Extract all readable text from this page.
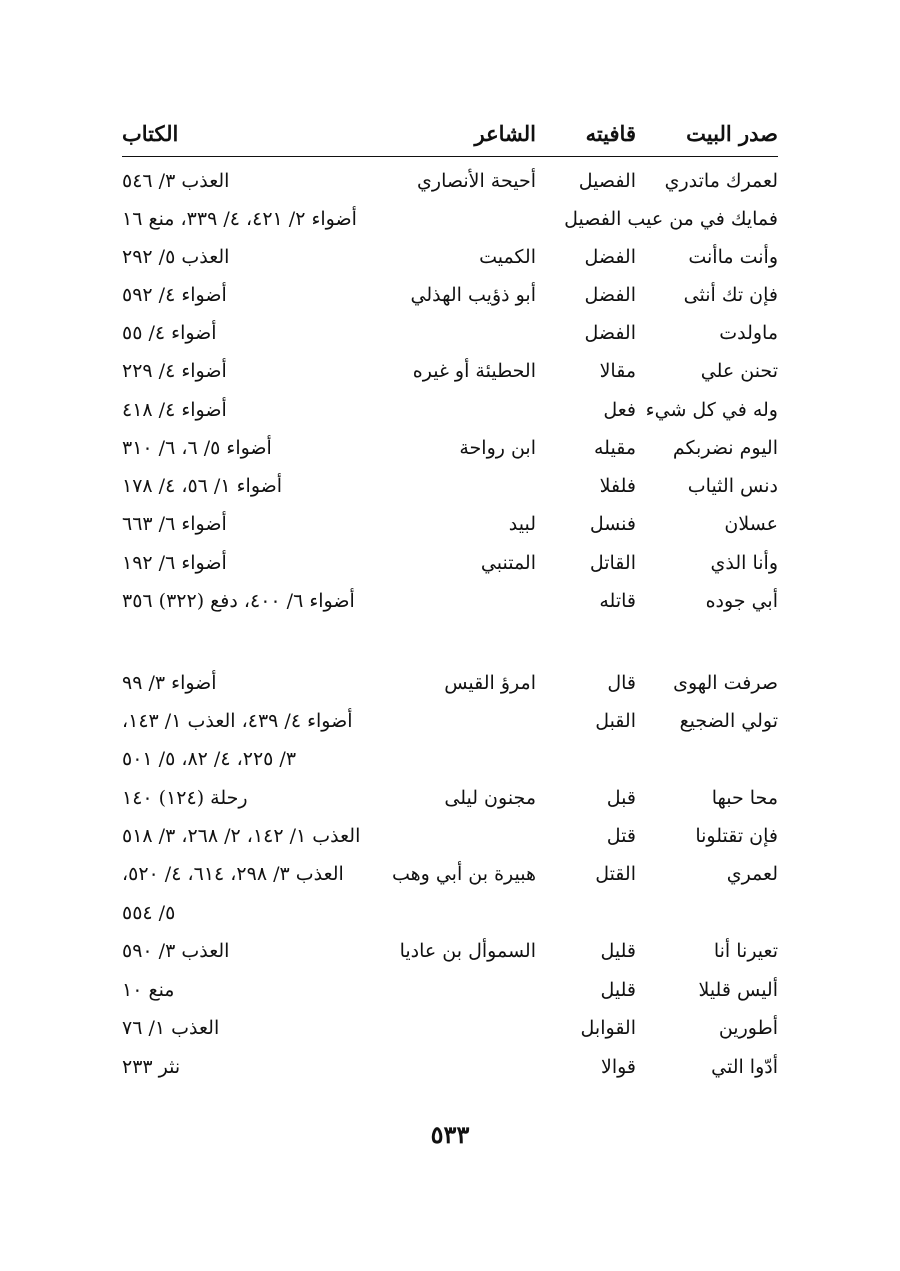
صدر البيت
قافيته
الشاعر
الكتاب
لعمرك ماتدري
الفصيل
أحيحة الأنصاري
العذب ٣/ ٥٤٦
فمايك في من عيب الفصيل
أضواء ٢/ ٤٢١، ٤/ ٣٣٩، منع ١٦
وأنت ماأنت
الفضل
الكميت
العذب ٥/ ٢٩٢
فإن تك أنثى
الفضل
أبو ذؤيب الهذلي
أضواء ٤/ ٥٩٢
ماولدت
الفضل
أضواء ٤/ ٥٥
تحنن علي
مقالا
الحطيئة أو غيره
أضواء ٤/ ٢٢٩
وله في كل شيء
فعل
أضواء ٤/ ٤١٨
اليوم نضربكم
مقيله
ابن رواحة
أضواء ٥/ ٦، ٦/ ٣١٠
دنس الثياب
فلفلا
أضواء ١/ ٥٦، ٤/ ١٧٨
عسلان
فنسل
لبيد
أضواء ٦/ ٦٦٣
وأنا الذي
القاتل
المتنبي
أضواء ٦/ ١٩٢
أبي جوده
قاتله
أضواء ٦/ ٤٠٠، دفع (٣٢٢) ٣٥٦
صرفت الهوى
قال
امرؤ القيس
أضواء ٣/ ٩٩
تولي الضجيع
القبل
أضواء ٤/ ٤٣٩، العذب ١/ ١٤٣،
٣/ ٢٢٥، ٤/ ٨٢، ٥/ ٥٠١
محا حبها
قبل
مجنون ليلى
رحلة (١٢٤) ١٤٠
فإن تقتلونا
قتل
العذب ١/ ١٤٢، ٢/ ٢٦٨، ٣/ ٥١٨
لعمري
القتل
هبيرة بن أبي وهب
العذب ٣/ ٢٩٨، ٦١٤، ٤/ ٥٢٠،
٥/ ٥٥٤
تعيرنا أنا
قليل
السموأل بن عاديا
العذب ٣/ ٥٩٠
أليس قليلا
قليل
منع ١٠
أطورين
القوابل
العذب ١/ ٧٦
أدّوا التي
قوالا
نثر ٢٣٣
٥٣٣
